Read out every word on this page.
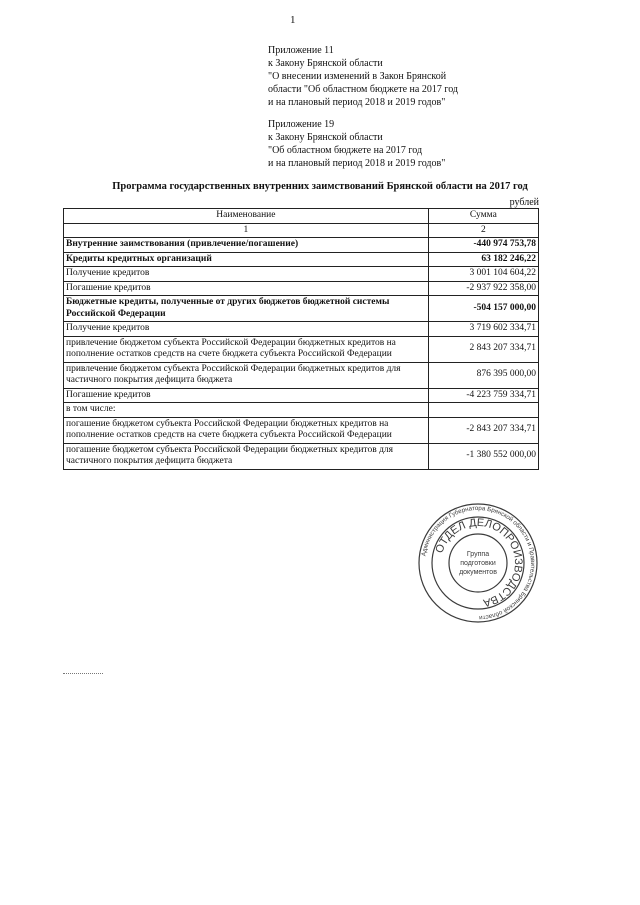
1
Приложение 11
к Закону Брянской области
"О внесении изменений в Закон Брянской
области "Об областном бюджете на 2017 год
и на плановый период 2018 и 2019 годов"
Приложение 19
к Закону Брянской области
"Об областном бюджете на 2017 год
и на плановый период 2018 и 2019 годов"
Программа государственных внутренних заимствований Брянской области на 2017 год
рублей
Наименование	Сумма
1	2
Внутренние заимствования (привлечение/погашение)	-440 974 753,78
Кредиты кредитных организаций	63 182 246,22
Получение кредитов	3 001 104 604,22
Погашение кредитов	-2 937 922 358,00
Бюджетные кредиты, полученные от других бюджетов бюджетной системы Российской Федерации	-504 157 000,00
Получение кредитов	3 719 602 334,71
привлечение бюджетом субъекта Российской Федерации бюджетных кредитов на пополнение остатков средств на счете бюджета субъекта Российской Федерации	2 843 207 334,71
привлечение бюджетом субъекта Российской Федерации бюджетных кредитов для частичного покрытия дефицита бюджета	876 395 000,00
Погашение кредитов	-4 223 759 334,71
в том числе:	
погашение бюджетом субъекта Российской Федерации бюджетных кредитов на пополнение остатков средств на счете бюджета субъекта Российской Федерации	-2 843 207 334,71
погашение бюджетом субъекта Российской Федерации бюджетных кредитов для частичного покрытия дефицита бюджета	-1 380 552 000,00
Администрация Губернатора Брянской области и Правительства Брянской области
ОТДЕЛ ДЕЛОПРОИЗВОДСТВА
Группа
подготовки
документов
